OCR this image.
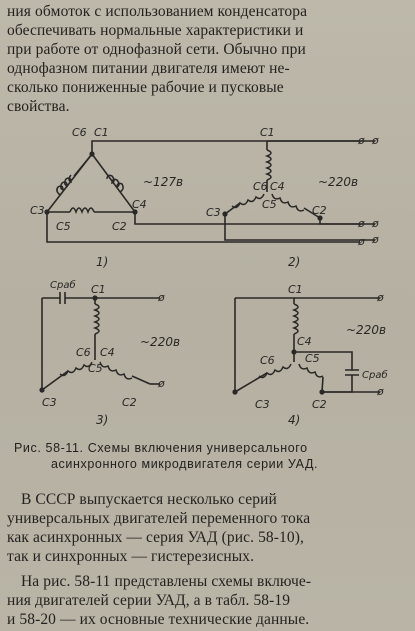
ния обмоток с использованием конденсатора
обеспечивать нормальные характеристики и
при работе от однофазной сети. Обычно при
однофазном питании двигателя имеют не-
сколько пониженные рабочие и пусковые
свойства.
ø
ø
ø
C6 C1
C3	C4
C5	C2
~127в
1)
ø
ø
ø
C1
C6 C4
C3
C5	C2
~220в
2)
ø
ø
Cраб C1
C6 C4
C5
C3	C2
~220в
3)
ø
ø
C1
C4
C5
C6
C3	C2
Cраб
~220в
4)
Рис. 58-11. Схемы включения универсального
асинхронного микродвигателя серии УАД.
В СССР выпускается несколько серий
универсальных двигателей переменного тока
как асинхронных — серия УАД (рис. 58-10),
так и синхронных — гистерезисных.
На рис. 58-11 представлены схемы включе-
ния двигателей серии УАД, а в табл. 58-19
и 58-20 — их основные технические данные.
